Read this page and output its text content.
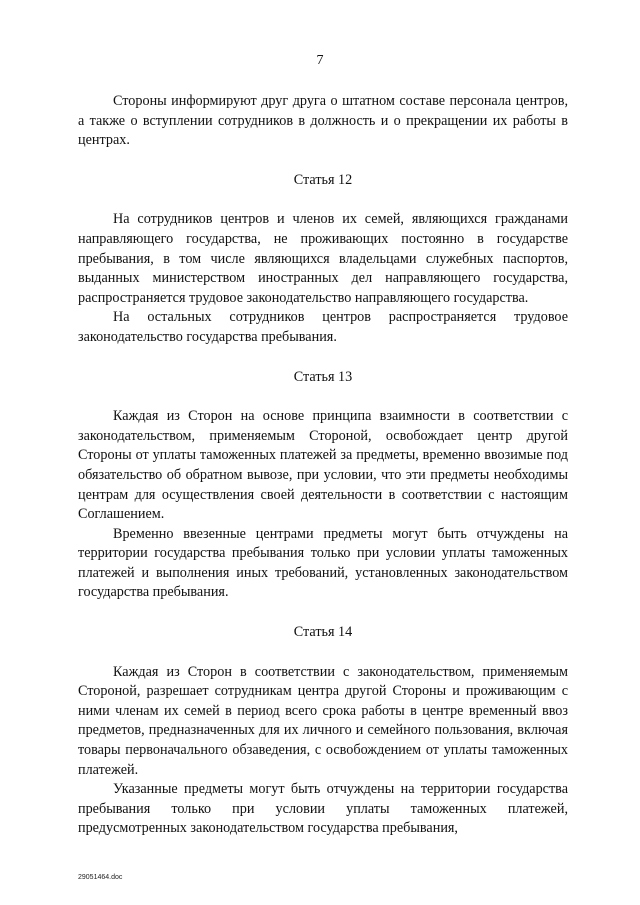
7

Стороны информируют друг друга о штатном составе персонала центров, а также о вступлении сотрудников в должность и о прекращении их работы в центрах.

Статья 12

На сотрудников центров и членов их семей, являющихся гражданами направляющего государства, не проживающих постоянно в государстве пребывания, в том числе являющихся владельцами служебных паспортов, выданных министерством иностранных дел направляющего государства, распространяется трудовое законодательство направляющего государства.

На остальных сотрудников центров распространяется трудовое законодательство государства пребывания.

Статья 13

Каждая из Сторон на основе принципа взаимности в соответствии с законодательством, применяемым Стороной, освобождает центр другой Стороны от уплаты таможенных платежей за предметы, временно ввозимые под обязательство об обратном вывозе, при условии, что эти предметы необходимы центрам для осуществления своей деятельности в соответствии с настоящим Соглашением.

Временно ввезенные центрами предметы могут быть отчуждены на территории государства пребывания только при условии уплаты таможенных платежей и выполнения иных требований, установленных законодательством государства пребывания.

Статья 14

Каждая из Сторон в соответствии с законодательством, применяемым Стороной, разрешает сотрудникам центра другой Стороны и проживающим с ними членам их семей в период всего срока работы в центре временный ввоз предметов, предназначенных для их личного и семейного пользования, включая товары первоначального обзаведения, с освобождением от уплаты таможенных платежей.

Указанные предметы могут быть отчуждены на территории государства пребывания только при условии уплаты таможенных платежей, предусмотренных законодательством государства пребывания,

29051464.doc
